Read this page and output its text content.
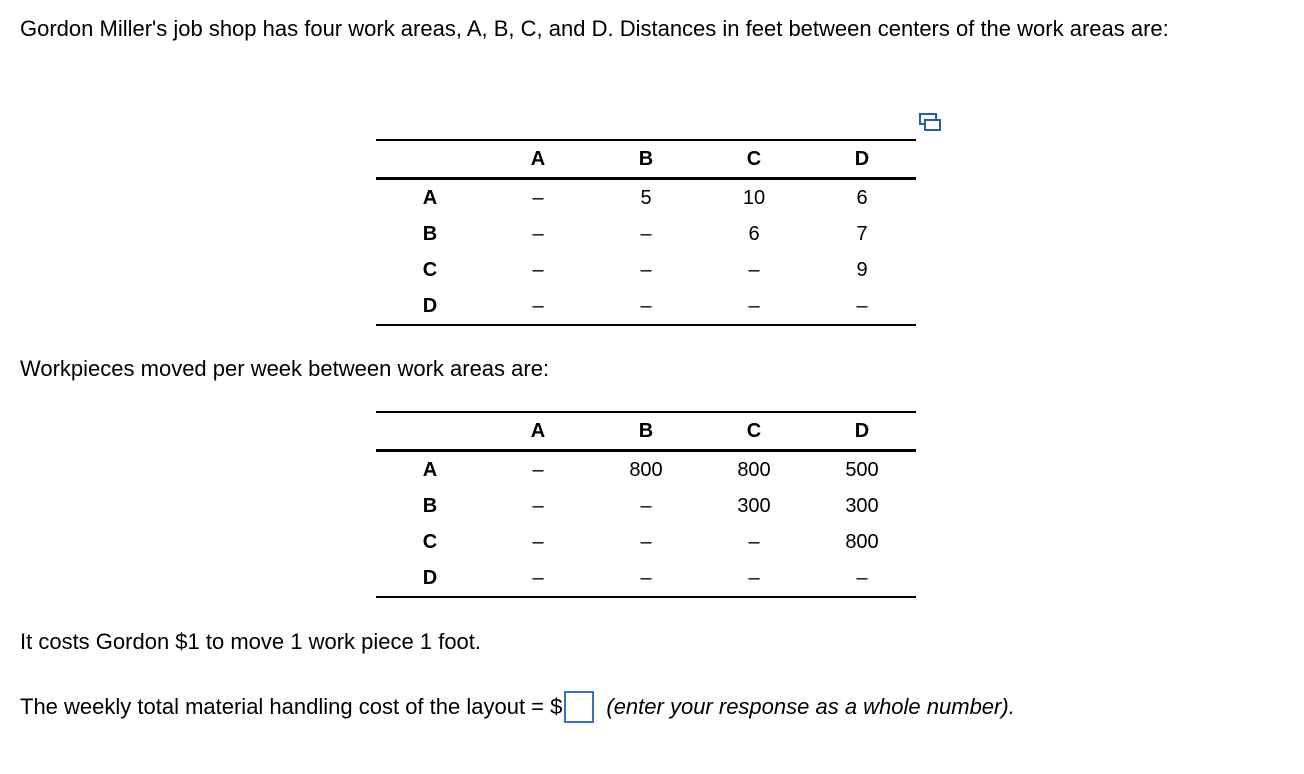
Gordon Miller's job shop has four work areas, A, B, C, and D. Distances in feet between centers of the work areas are:

	A	B	C	D
A	–	5	10	6
B	–	–	6	7
C	–	–	–	9
D	–	–	–	–

Workpieces moved per week between work areas are:

	A	B	C	D
A	–	800	800	500
B	–	–	300	300
C	–	–	–	800
D	–	–	–	–

It costs Gordon $1 to move 1 work piece 1 foot.

The weekly total material handling cost of the layout = $ (enter your response as a whole number).
